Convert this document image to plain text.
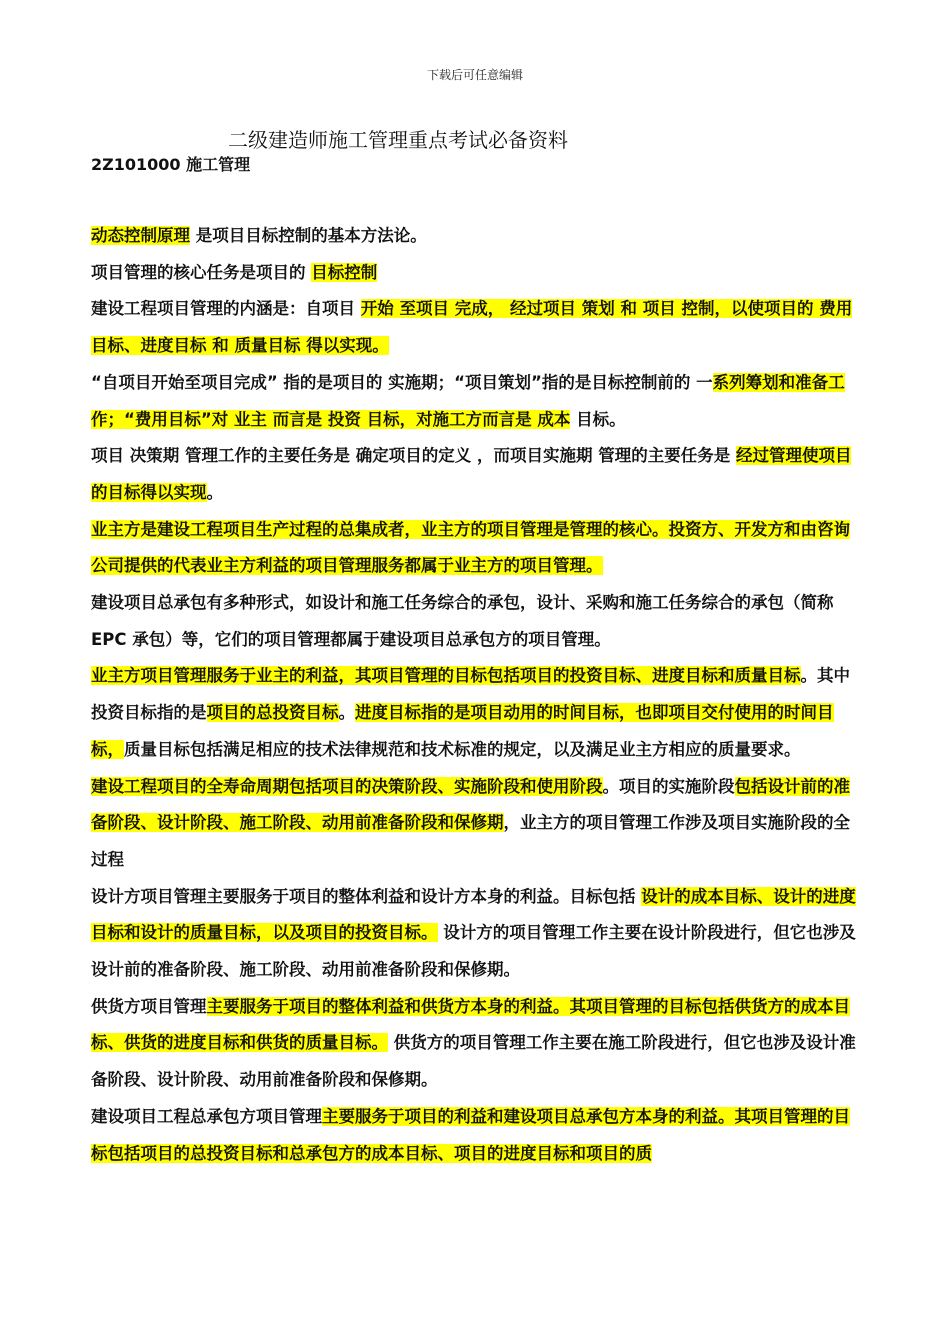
下载后可任意编辑
二级建造师施工管理重点考试必备资料
2Z101000 施工管理

动态控制原理 是项目目标控制的基本方法论。

项目管理的核心任务是项目的 目标控制

建设工程项目管理的内涵是：自项目 开始 至项目 完成， 经过项目 策划 和 项目 控制，以使项目的 费用目标、进度目标 和 质量目标 得以实现。

“自项目开始至项目完成” 指的是项目的 实施期；“项目策划”指的是目标控制前的 一系列筹划和准备工作；“费用目标”对 业主 而言是 投资 目标，对施工方而言是 成本 目标。

项目 决策期 管理工作的主要任务是 确定项目的定义 ，而项目实施期 管理的主要任务是 经过管理使项目的目标得以实现。

业主方是建设工程项目生产过程的总集成者，业主方的项目管理是管理的核心。投资方、开发方和由咨询公司提供的代表业主方利益的项目管理服务都属于业主方的项目管理。

建设项目总承包有多种形式，如设计和施工任务综合的承包，设计、采购和施工任务综合的承包（简称 EPC 承包）等，它们的项目管理都属于建设项目总承包方的项目管理。

业主方项目管理服务于业主的利益，其项目管理的目标包括项目的投资目标、进度目标和质量目标。其中投资目标指的是项目的总投资目标。进度目标指的是项目动用的时间目标，也即项目交付使用的时间目标，质量目标包括满足相应的技术法律规范和技术标准的规定，以及满足业主方相应的质量要求。

建设工程项目的全寿命周期包括项目的决策阶段、实施阶段和使用阶段。项目的实施阶段包括设计前的准备阶段、设计阶段、施工阶段、动用前准备阶段和保修期，业主方的项目管理工作涉及项目实施阶段的全过程

设计方项目管理主要服务于项目的整体利益和设计方本身的利益。目标包括 设计的成本目标、设计的进度目标和设计的质量目标，以及项目的投资目标。 设计方的项目管理工作主要在设计阶段进行，但它也涉及设计前的准备阶段、施工阶段、动用前准备阶段和保修期。

供货方项目管理主要服务于项目的整体利益和供货方本身的利益。其项目管理的目标包括供货方的成本目标、供货的进度目标和供货的质量目标。 供货方的项目管理工作主要在施工阶段进行，但它也涉及设计准备阶段、设计阶段、动用前准备阶段和保修期。

建设项目工程总承包方项目管理主要服务于项目的利益和建设项目总承包方本身的利益。其项目管理的目标包括项目的总投资目标和总承包方的成本目标、项目的进度目标和项目的质
